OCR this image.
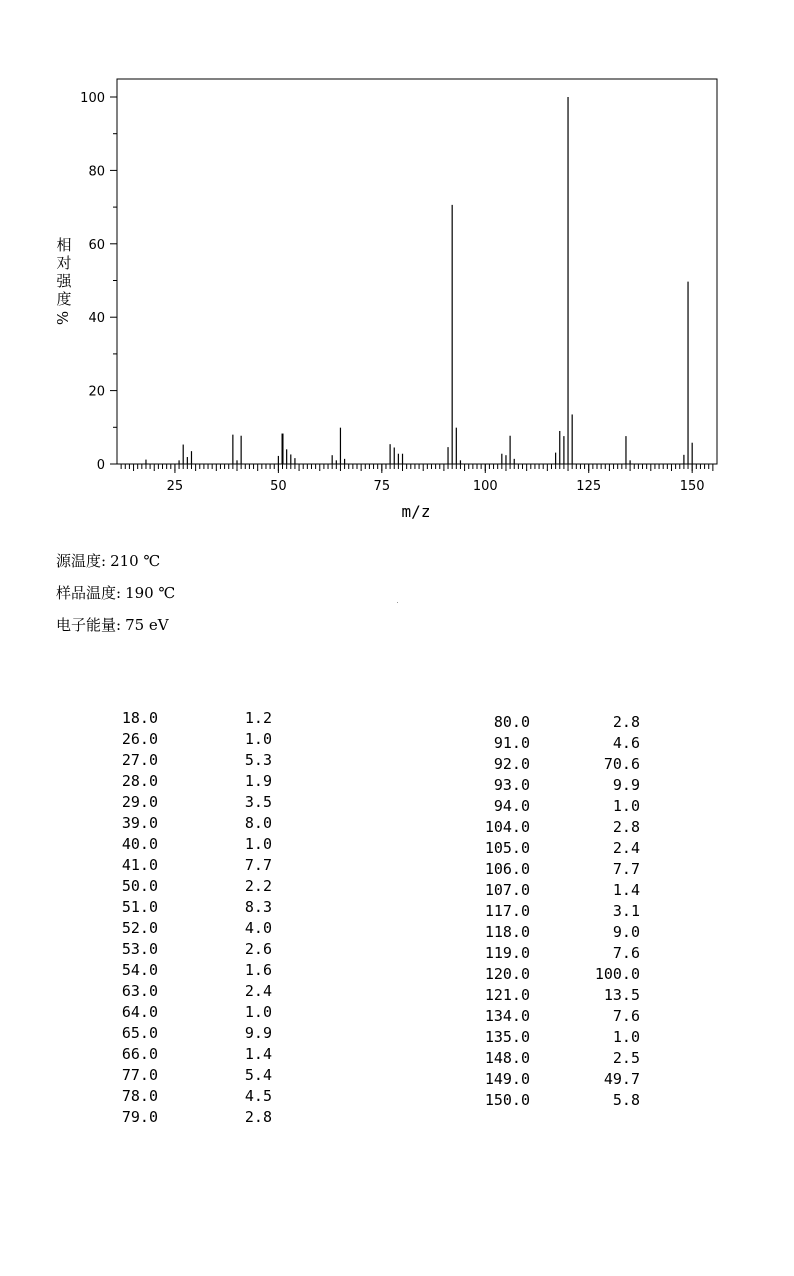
0
20
40
60
80
100
25	50	75	100	125	150
m/z
相
对
强
度
%
源温度: 210 ℃
样品温度: 190 ℃
电子能量: 75 eV
18.0	1.2
26.0	1.0
27.0	5.3
28.0	1.9
29.0	3.5
39.0	8.0
40.0	1.0
41.0	7.7
50.0	2.2
51.0	8.3
52.0	4.0
53.0	2.6
54.0	1.6
63.0	2.4
64.0	1.0
65.0	9.9
66.0	1.4
77.0	5.4
78.0	4.5
79.0	2.8
80.0	2.8
91.0	4.6
92.0	70.6
93.0	9.9
94.0	1.0
104.0	2.8
105.0	2.4
106.0	7.7
107.0	1.4
117.0	3.1
118.0	9.0
119.0	7.6
120.0	100.0
121.0	13.5
134.0	7.6
135.0	1.0
148.0	2.5
149.0	49.7
150.0	5.8
